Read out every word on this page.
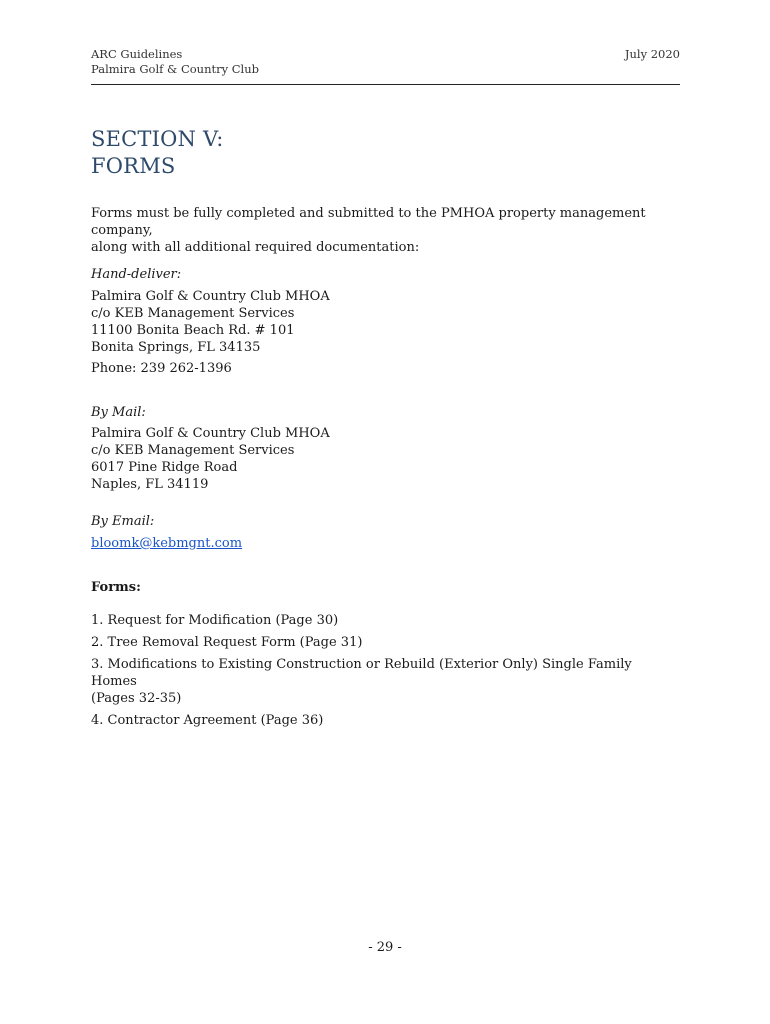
ARC Guidelines
Palmira Golf & Country Club
July 2020
SECTION V:
FORMS
Forms must be fully completed and submitted to the PMHOA property management company,
along with all additional required documentation:
Hand-deliver:
Palmira Golf & Country Club MHOA
c/o KEB Management Services
11100 Bonita Beach Rd. # 101
Bonita Springs, FL 34135
Phone: 239 262-1396
By Mail:
Palmira Golf & Country Club MHOA
c/o KEB Management Services
6017 Pine Ridge Road
Naples, FL 34119
By Email:
bloomk@kebmgnt.com
Forms:
1. Request for Modification (Page 30)
2. Tree Removal Request Form (Page 31)
3. Modifications to Existing Construction or Rebuild (Exterior Only) Single Family Homes
(Pages 32-35)
4. Contractor Agreement (Page 36)
- 29 -
